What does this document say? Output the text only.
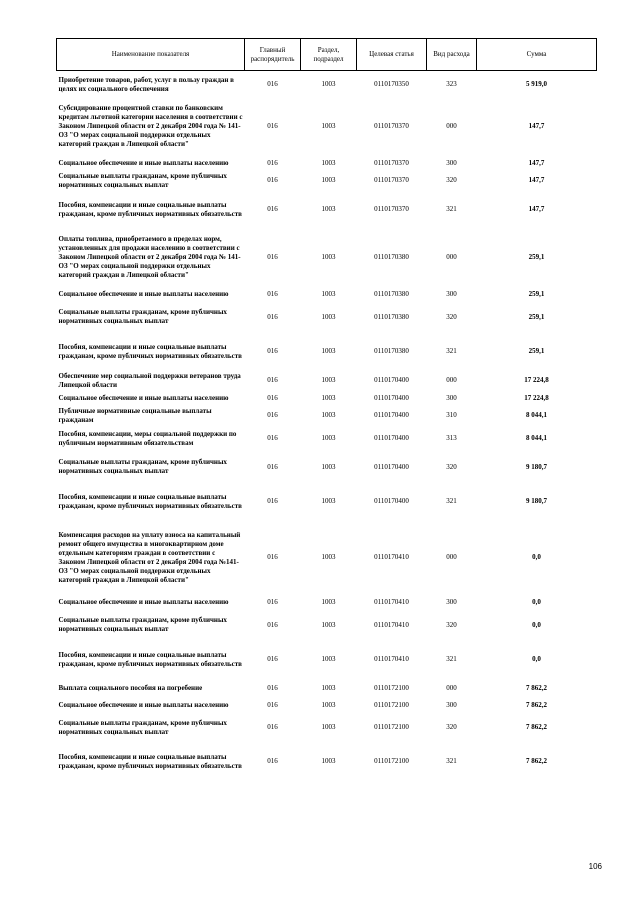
Наименование показателя	Главный распорядитель	Раздел, подраздел	Целевая статья	Вид расхода	Сумма
Приобретение товаров, работ, услуг в пользу граждан в целях их социального обеспечения	016	1003	0110170350	323	5 919,0
Субсидирование процентной ставки по банковским кредитам льготной категории населения в соответствии с Законом Липецкой области от 2 декабря 2004 года № 141-ОЗ "О мерах социальной поддержки отдельных категорий граждан в Липецкой области"	016	1003	0110170370	000	147,7
Социальное обеспечение и иные выплаты населению	016	1003	0110170370	300	147,7
Социальные выплаты гражданам, кроме публичных нормативных социальных выплат	016	1003	0110170370	320	147,7
Пособия, компенсации и иные социальные выплаты гражданам, кроме публичных нормативных обязательств	016	1003	0110170370	321	147,7
Оплаты топлива, приобретаемого в пределах норм, установленных для продажи населению в соответствии с Законом Липецкой области от 2 декабря 2004 года № 141-ОЗ "О мерах социальной поддержки отдельных категорий граждан в Липецкой области"	016	1003	0110170380	000	259,1
Социальное обеспечение и иные выплаты населению	016	1003	0110170380	300	259,1
Социальные выплаты гражданам, кроме публичных нормативных социальных выплат	016	1003	0110170380	320	259,1
Пособия, компенсации и иные социальные выплаты гражданам, кроме публичных нормативных обязательств	016	1003	0110170380	321	259,1
Обеспечение мер социальной поддержки ветеранов труда Липецкой области	016	1003	0110170400	000	17 224,8
Социальное обеспечение и иные выплаты населению	016	1003	0110170400	300	17 224,8
Публичные нормативные социальные выплаты гражданам	016	1003	0110170400	310	8 044,1
Пособия, компенсации, меры социальной поддержки по публичным нормативным обязательствам	016	1003	0110170400	313	8 044,1
Социальные выплаты гражданам, кроме публичных нормативных социальных выплат	016	1003	0110170400	320	9 180,7
Пособия, компенсации и иные социальные выплаты гражданам, кроме публичных нормативных обязательств	016	1003	0110170400	321	9 180,7
Компенсация расходов на уплату взноса на капитальный ремонт общего имущества в многоквартирном доме отдельным категориям граждан в соответствии с Законом Липецкой области от 2 декабря 2004 года №141-ОЗ "О мерах социальной поддержки отдельных категорий граждан в Липецкой области"	016	1003	0110170410	000	0,0
Социальное обеспечение и иные выплаты населению	016	1003	0110170410	300	0,0
Социальные выплаты гражданам, кроме публичных нормативных социальных выплат	016	1003	0110170410	320	0,0
Пособия, компенсации и иные социальные выплаты гражданам, кроме публичных нормативных обязательств	016	1003	0110170410	321	0,0
Выплата социального пособия на погребение	016	1003	0110172100	000	7 862,2
Социальное обеспечение и иные выплаты населению	016	1003	0110172100	300	7 862,2
Социальные выплаты гражданам, кроме публичных нормативных социальных выплат	016	1003	0110172100	320	7 862,2
Пособия, компенсации и иные социальные выплаты гражданам, кроме публичных нормативных обязательств	016	1003	0110172100	321	7 862,2
106
